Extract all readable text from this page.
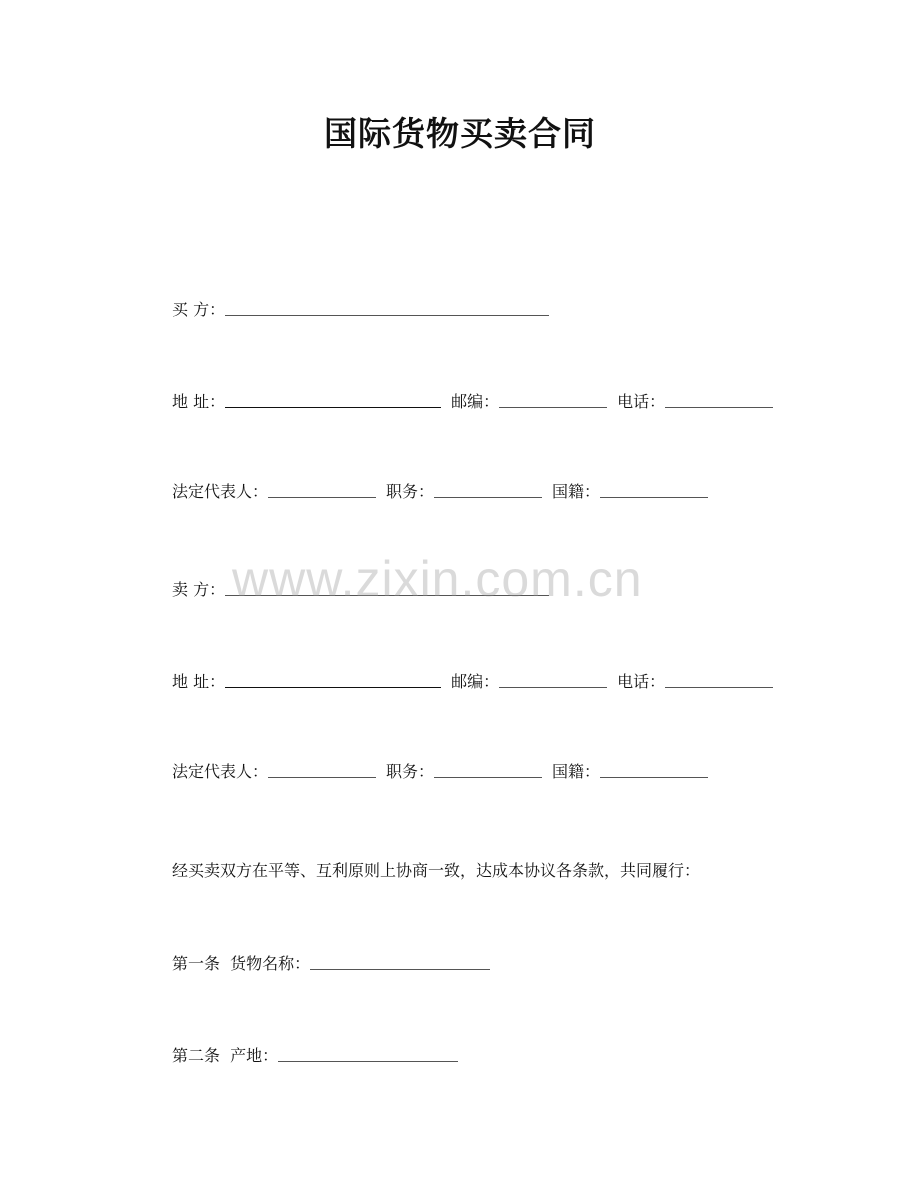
国际货物买卖合同
买 方：
地 址：	邮编：	电话：
法定代表人：	职务：	国籍：
卖 方：
地 址：	邮编：	电话：
法定代表人：	职务：	国籍：
经买卖双方在平等、互利原则上协商一致，达成本协议各条款，共同履行：
第一条  货物名称：
第二条  产地：
www.zixin.com.cn
